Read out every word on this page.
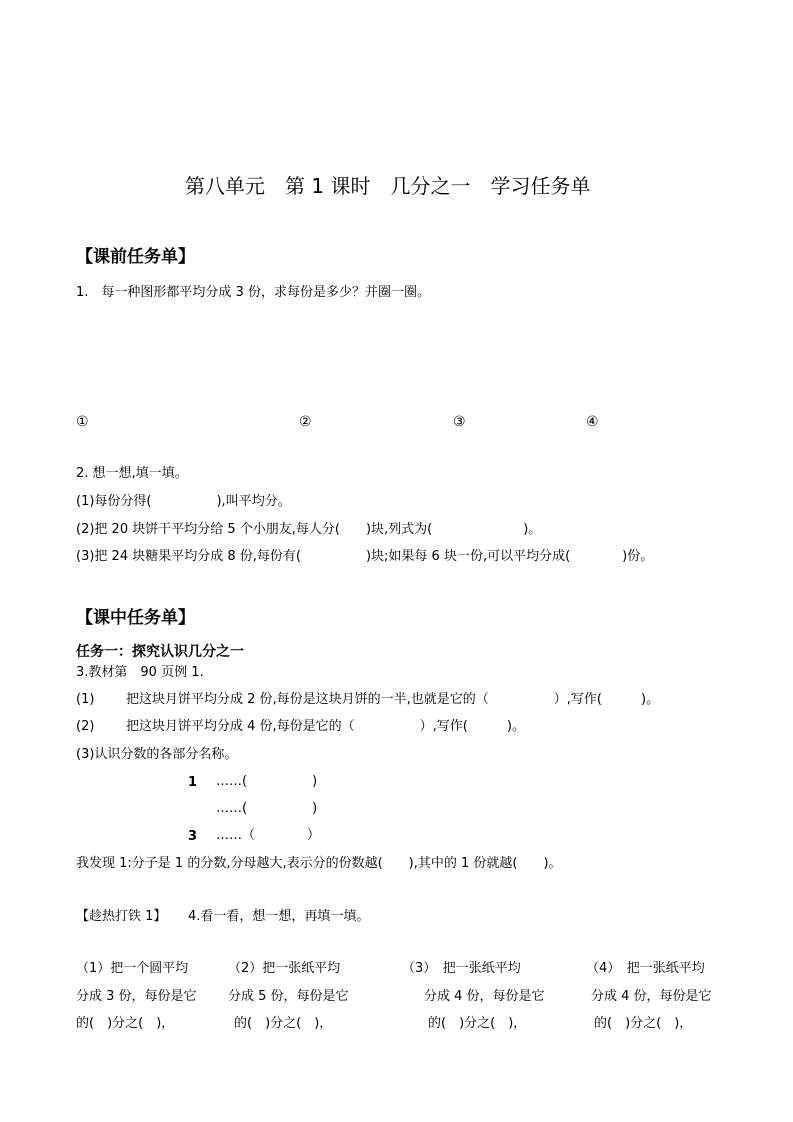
第八单元　第 1 课时　几分之一　学习任务单
【课前任务单】
1.　每一种图形都平均分成 3 份，求每份是多少？并圈一圈。
①	②	③	④
2. 想一想,填一填。
(1)每份分得(　　　　　),叫平均分。
(2)把 20 块饼干平均分给 5 个小朋友,每人分(　　)块,列式为(　　　　　　　)。
(3)把 24 块糖果平均分成 8 份,每份有(　　　　　)块;如果每 6 块一份,可以平均分成(　　　　)份。
【课中任务单】
任务一：探究认识几分之一
3.教材第　90 页例 1.
(1) 把这块月饼平均分成 2 份,每份是这块月饼的一半,也就是它的（　　　　　）,写作(　　　)。
(2) 把这块月饼平均分成 4 份,每份是它的（　　　　　）,写作(　　　)。
(3)认识分数的各部分名称。
1 ……(　　　　　)
……(　　　　　)
3 ……（　　　　）
我发现 1:分子是 1 的分数,分母越大,表示分的份数越(　　),其中的 1 份就越(　　)。
【趁热打铁 1】 4.看一看，想一想，再填一填。
（1）把一个圆平均
分成 3 份，每份是它
的(　)分之(　)，
（2）把一张纸平均
分成 5 份，每份是它
的(　)分之(　)，
（3）　把一张纸平均
分成 4 份，每份是它
的(　)分之(　)，
（4）　把一张纸平均
分成 4 份，每份是它
的(　)分之(　)，
